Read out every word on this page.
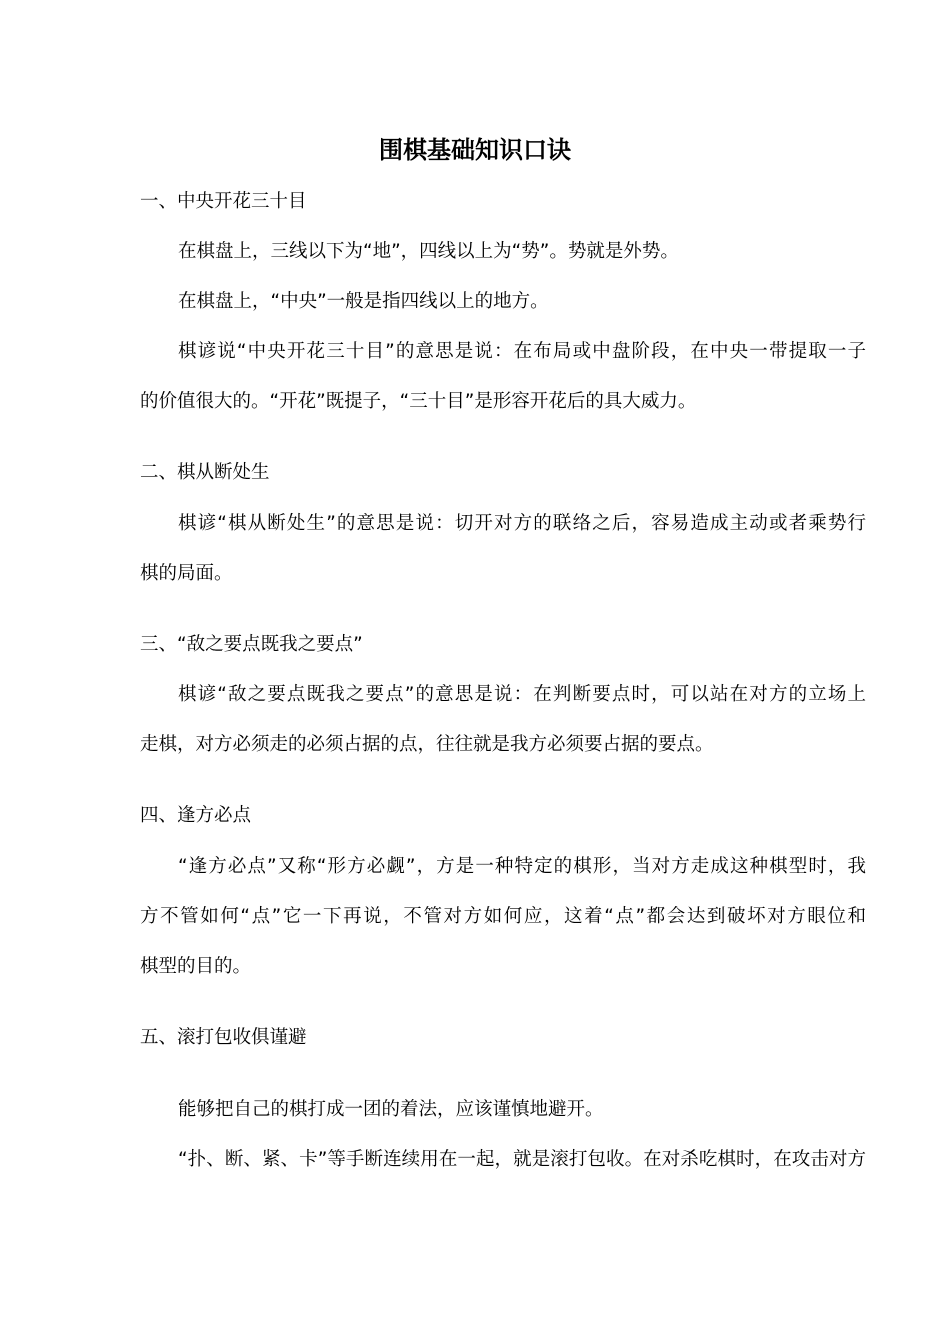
围棋基础知识口诀

一、中央开花三十目

在棋盘上，三线以下为“地”，四线以上为“势”。势就是外势。

在棋盘上，“中央”一般是指四线以上的地方。

棋谚说“中央开花三十目”的意思是说：在布局或中盘阶段，在中央一带提取一子

的价值很大的。“开花”既提子，“三十目”是形容开花后的具大威力。

二、棋从断处生

棋谚“棋从断处生”的意思是说：切开对方的联络之后，容易造成主动或者乘势行

棋的局面。

三、“敌之要点既我之要点”

棋谚“敌之要点既我之要点”的意思是说：在判断要点时，可以站在对方的立场上

走棋，对方必须走的必须占据的点，往往就是我方必须要占据的要点。

四、逢方必点

“逢方必点”又称“形方必觑”，方是一种特定的棋形，当对方走成这种棋型时，我

方不管如何“点”它一下再说，不管对方如何应，这着“点”都会达到破坏对方眼位和

棋型的目的。

五、滚打包收俱谨避

能够把自己的棋打成一团的着法，应该谨慎地避开。

“扑、断、紧、卡”等手断连续用在一起，就是滚打包收。在对杀吃棋时，在攻击对方
